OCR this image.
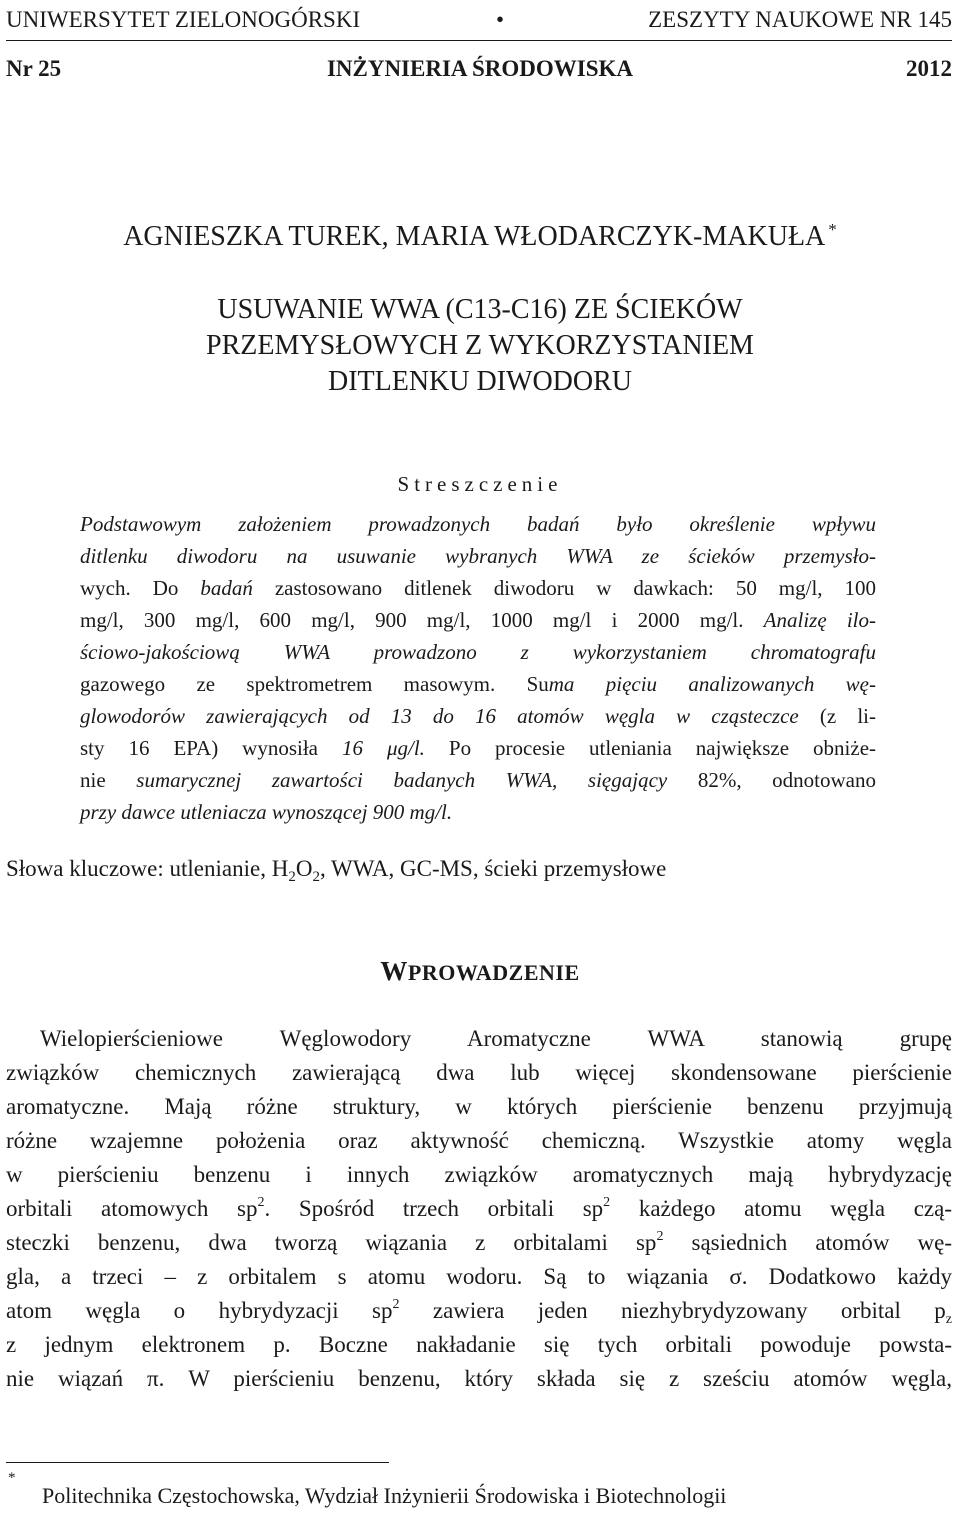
UNIWERSYTET ZIELONOGÓRSKI	•	ZESZYTY NAUKOWE NR 145
Nr 25	INŻYNIERIA ŚRODOWISKA	2012
AGNIESZKA TUREK, MARIA WŁODARCZYK-MAKUŁA *
USUWANIE WWA (C13-C16) ZE ŚCIEKÓW
PRZEMYSŁOWYCH Z WYKORZYSTANIEM
DITLENKU DIWODORU
Streszczenie
Podstawowym założeniem prowadzonych badań było określenie wpływu
ditlenku diwodoru na usuwanie wybranych WWA ze ścieków przemysło-
wych. Do badań zastosowano ditlenek diwodoru w dawkach: 50 mg/l, 100
mg/l, 300 mg/l, 600 mg/l, 900 mg/l, 1000 mg/l i 2000 mg/l. Analizę ilo-
ściowo-jakościową WWA prowadzono z wykorzystaniem chromatografu
gazowego ze spektrometrem masowym. Suma pięciu analizowanych wę-
glowodorów zawierających od 13 do 16 atomów węgla w cząsteczce (z li-
sty 16 EPA) wynosiła 16 μg/l. Po procesie utleniania największe obniże-
nie sumarycznej zawartości badanych WWA, sięgający 82%, odnotowano
przy dawce utleniacza wynoszącej 900 mg/l.
Słowa kluczowe: utlenianie, $H_2O_2$, WWA, GC-MS, ścieki przemysłowe
WPROWADZENIE
Wielopierścieniowe Węglowodory Aromatyczne WWA stanowią grupę
związków chemicznych zawierającą dwa lub więcej skondensowane pierścienie
aromatyczne. Mają różne struktury, w których pierścienie benzenu przyjmują
różne wzajemne położenia oraz aktywność chemiczną. Wszystkie atomy węgla
w pierścieniu benzenu i innych związków aromatycznych mają hybrydyzację
orbitali atomowych $sp^2$. Spośród trzech orbitali $sp^2$ każdego atomu węgla czą-
steczki benzenu, dwa tworzą wiązania z orbitalami $sp^2$ sąsiednich atomów wę-
gla, a trzeci – z orbitalem s atomu wodoru. Są to wiązania σ. Dodatkowo każdy
atom węgla o hybrydyzacji $sp^2$ zawiera jeden niezhybrydyzowany orbital $p_z$
z jednym elektronem p. Boczne nakładanie się tych orbitali powoduje powsta-
nie wiązań π. W pierścieniu benzenu, który składa się z sześciu atomów węgla,
*
Politechnika Częstochowska, Wydział Inżynierii Środowiska i Biotechnologii
